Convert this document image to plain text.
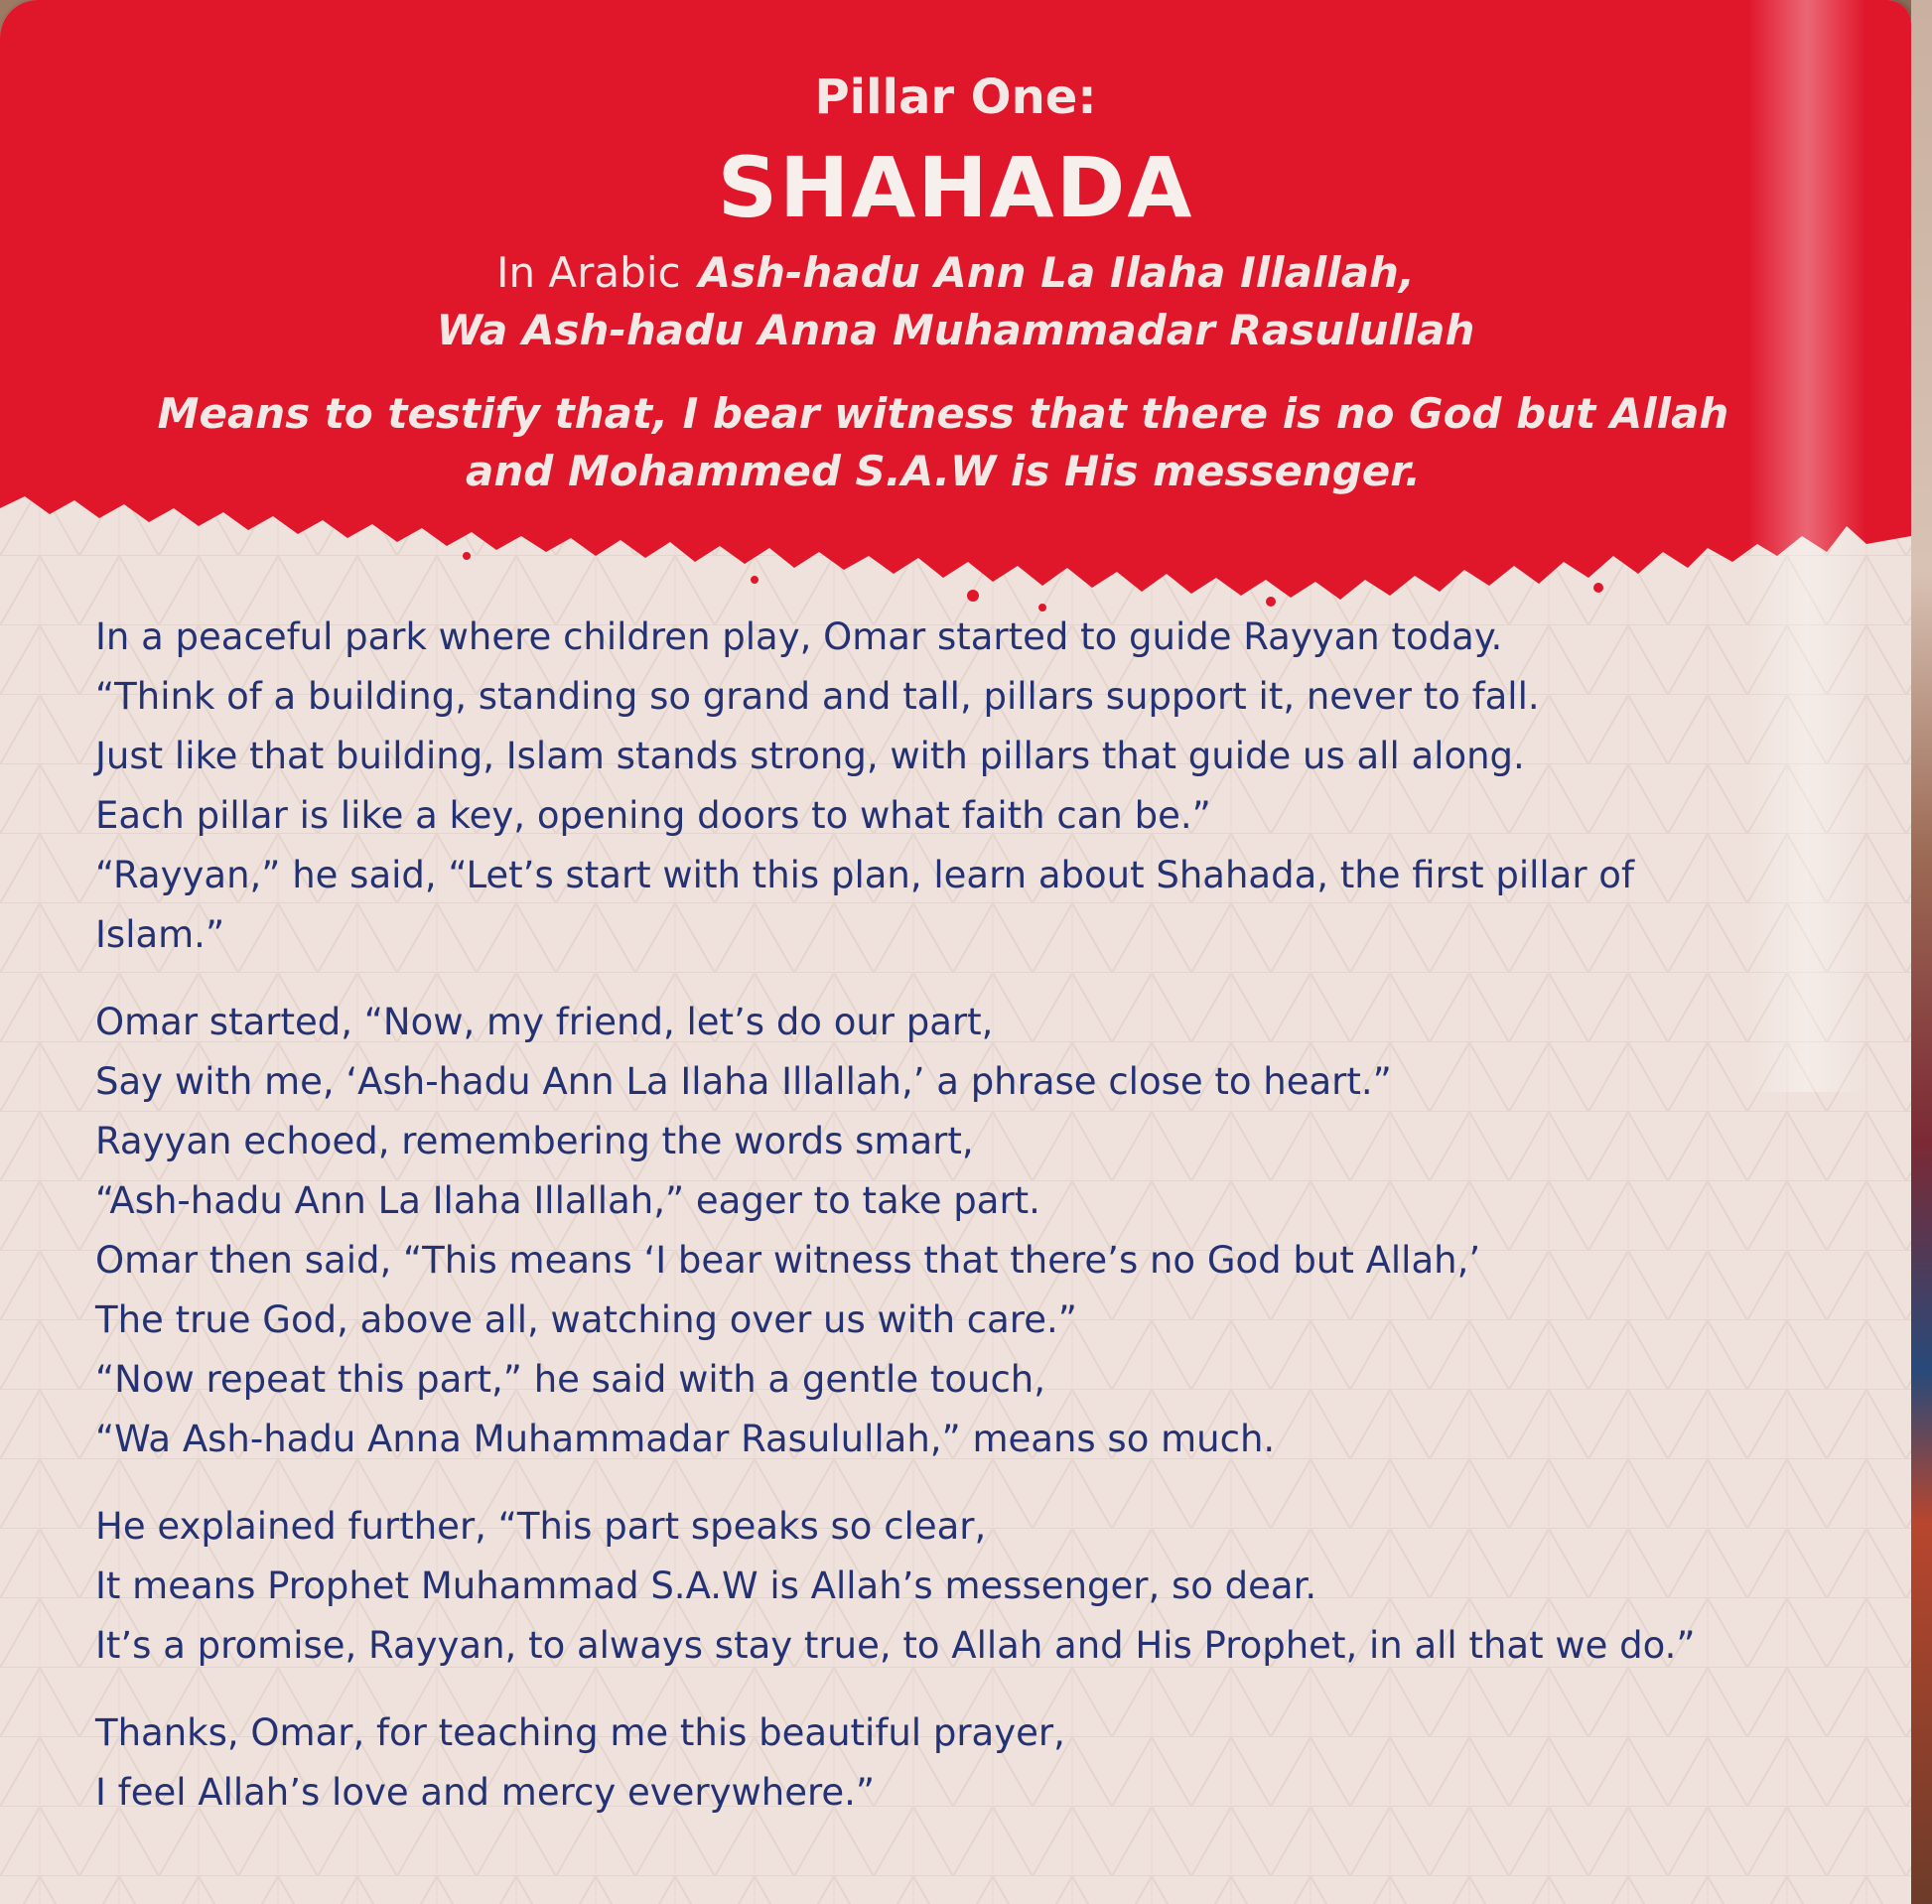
Pillar One:
SHAHADA
In Arabic Ash-hadu Ann La Ilaha Illallah,
Wa Ash-hadu Anna Muhammadar Rasulullah
Means to testify that, I bear witness that there is no God but Allah and Mohammed S.A.W is His messenger.

In a peaceful park where children play, Omar started to guide Rayyan today.
“Think of a building, standing so grand and tall, pillars support it, never to fall.
Just like that building, Islam stands strong, with pillars that guide us all along.
Each pillar is like a key, opening doors to what faith can be.”
“Rayyan,” he said, “Let’s start with this plan, learn about Shahada, the first pillar of
Islam.”

Omar started, “Now, my friend, let’s do our part,
Say with me, ‘Ash-hadu Ann La Ilaha Illallah,’ a phrase close to heart.”
Rayyan echoed, remembering the words smart,
“Ash-hadu Ann La Ilaha Illallah,” eager to take part.
Omar then said, “This means ‘I bear witness that there’s no God but Allah,’
The true God, above all, watching over us with care.”
“Now repeat this part,” he said with a gentle touch,
“Wa Ash-hadu Anna Muhammadar Rasulullah,” means so much.

He explained further, “This part speaks so clear,
It means Prophet Muhammad S.A.W is Allah’s messenger, so dear.
It’s a promise, Rayyan, to always stay true, to Allah and His Prophet, in all that we do.”

Thanks, Omar, for teaching me this beautiful prayer,
I feel Allah’s love and mercy everywhere.”
